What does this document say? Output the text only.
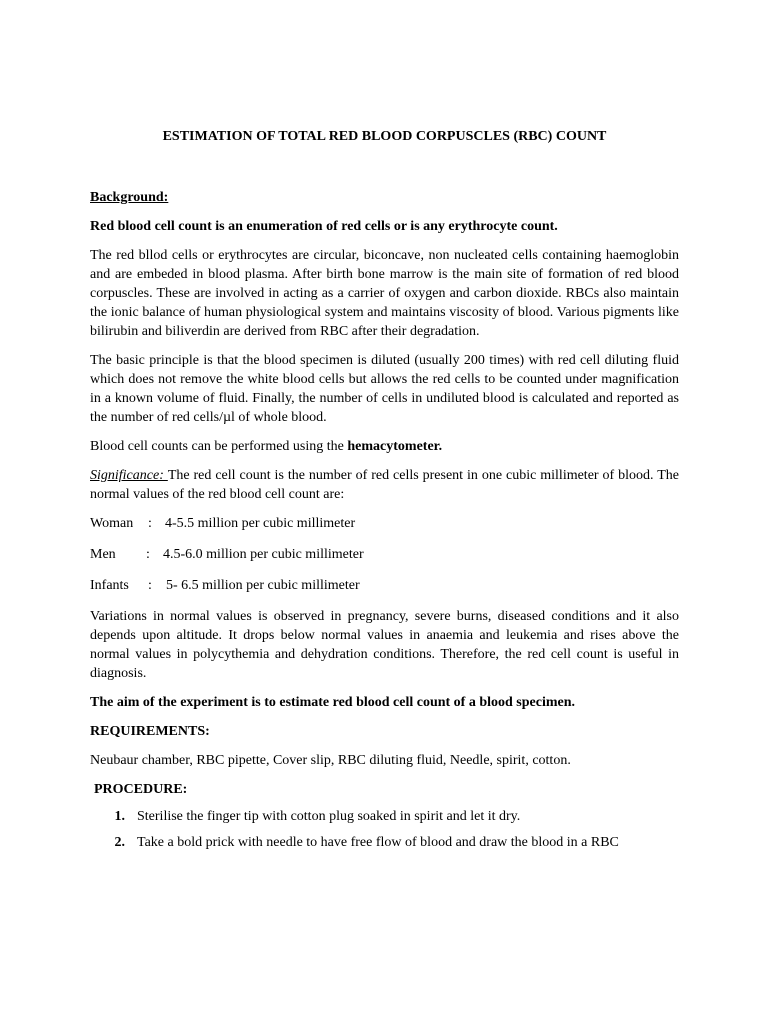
ESTIMATION OF TOTAL RED BLOOD CORPUSCLES (RBC) COUNT
Background:
Red blood cell count is an enumeration of red cells or is any erythrocyte count.
The red bllod cells or erythrocytes are circular, biconcave, non nucleated cells containing haemoglobin and are embeded in blood plasma. After birth bone marrow is the main site of formation of red blood corpuscles. These are involved in acting as a carrier of oxygen and carbon dioxide. RBCs also maintain the ionic balance of human physiological system and maintains viscosity of blood. Various pigments like bilirubin and biliverdin are derived from RBC after their degradation.
The basic principle is that the blood specimen is diluted (usually 200 times) with red cell diluting fluid which does not remove the white blood cells but allows the red cells to be counted under magnification in a known volume of fluid. Finally, the number of cells in undiluted blood is calculated and reported as the number of red cells/µl of whole blood.
Blood cell counts can be performed using the hemacytometer.
Significance: The red cell count is the number of red cells present in one cubic millimeter of blood. The normal values of the red blood cell count are:
Woman	: 4-5.5 million per cubic millimeter
Men	: 4.5-6.0 million per cubic millimeter
Infants	:	5- 6.5 million per cubic millimeter
Variations in normal values is observed in pregnancy, severe burns, diseased conditions and it also depends upon altitude. It drops below normal values in anaemia and leukemia and rises above the normal values in polycythemia and dehydration conditions. Therefore, the red cell count is useful in diagnosis.
The aim of the experiment is to estimate red blood cell count of a blood specimen.
REQUIREMENTS:
Neubaur chamber, RBC pipette, Cover slip, RBC diluting fluid, Needle, spirit, cotton.
PROCEDURE:
1. Sterilise the finger tip with cotton plug soaked in spirit and let it dry.
2. Take a bold prick with needle to have free flow of blood and draw the blood in a RBC
